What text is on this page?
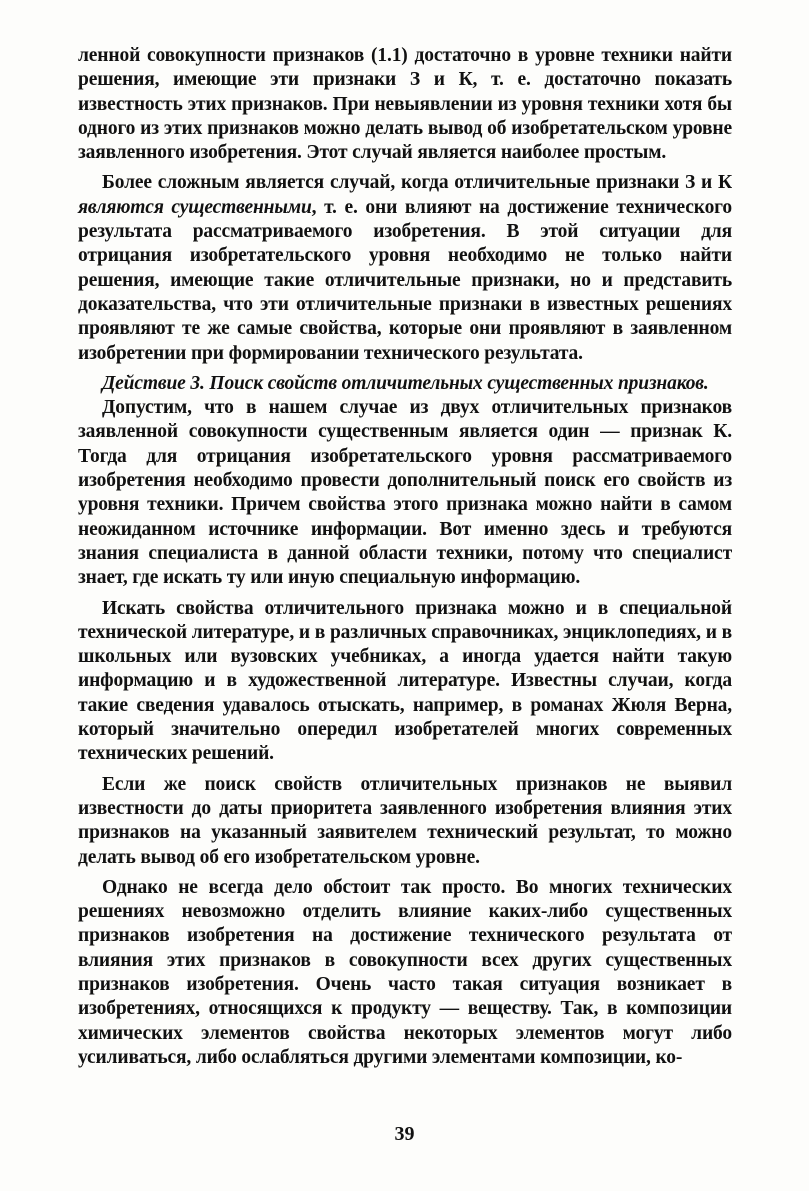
ленной совокупности признаков (1.1) достаточно в уровне техники найти решения, имеющие эти признаки З и К, т. е. достаточно показать известность этих признаков. При невыявлении из уровня техники хотя бы одного из этих признаков можно делать вывод об изобретательском уровне заявленного изобретения. Этот случай является наиболее простым.

Более сложным является случай, когда отличительные признаки З и К являются существенными, т. е. они влияют на достижение технического результата рассматриваемого изобретения. В этой ситуации для отрицания изобретательского уровня необходимо не только найти решения, имеющие такие отличительные признаки, но и представить доказательства, что эти отличительные признаки в известных решениях проявляют те же самые свойства, которые они проявляют в заявленном изобретении при формировании технического результата.

Действие 3. Поиск свойств отличительных существенных признаков.

Допустим, что в нашем случае из двух отличительных признаков заявленной совокупности существенным является один — признак К. Тогда для отрицания изобретательского уровня рассматриваемого изобретения необходимо провести дополнительный поиск его свойств из уровня техники. Причем свойства этого признака можно найти в самом неожиданном источнике информации. Вот именно здесь и требуются знания специалиста в данной области техники, потому что специалист знает, где искать ту или иную специальную информацию.

Искать свойства отличительного признака можно и в специальной технической литературе, и в различных справочниках, энциклопедиях, и в школьных или вузовских учебниках, а иногда удается найти такую информацию и в художественной литературе. Известны случаи, когда такие сведения удавалось отыскать, например, в романах Жюля Верна, который значительно опередил изобретателей многих современных технических решений.

Если же поиск свойств отличительных признаков не выявил известности до даты приоритета заявленного изобретения влияния этих признаков на указанный заявителем технический результат, то можно делать вывод об его изобретательском уровне.

Однако не всегда дело обстоит так просто. Во многих технических решениях невозможно отделить влияние каких-либо существенных признаков изобретения на достижение технического результата от влияния этих признаков в совокупности всех других существенных признаков изобретения. Очень часто такая ситуация возникает в изобретениях, относящихся к продукту — веществу. Так, в композиции химических элементов свойства некоторых элементов могут либо усиливаться, либо ослабляться другими элементами композиции, ко-

39
